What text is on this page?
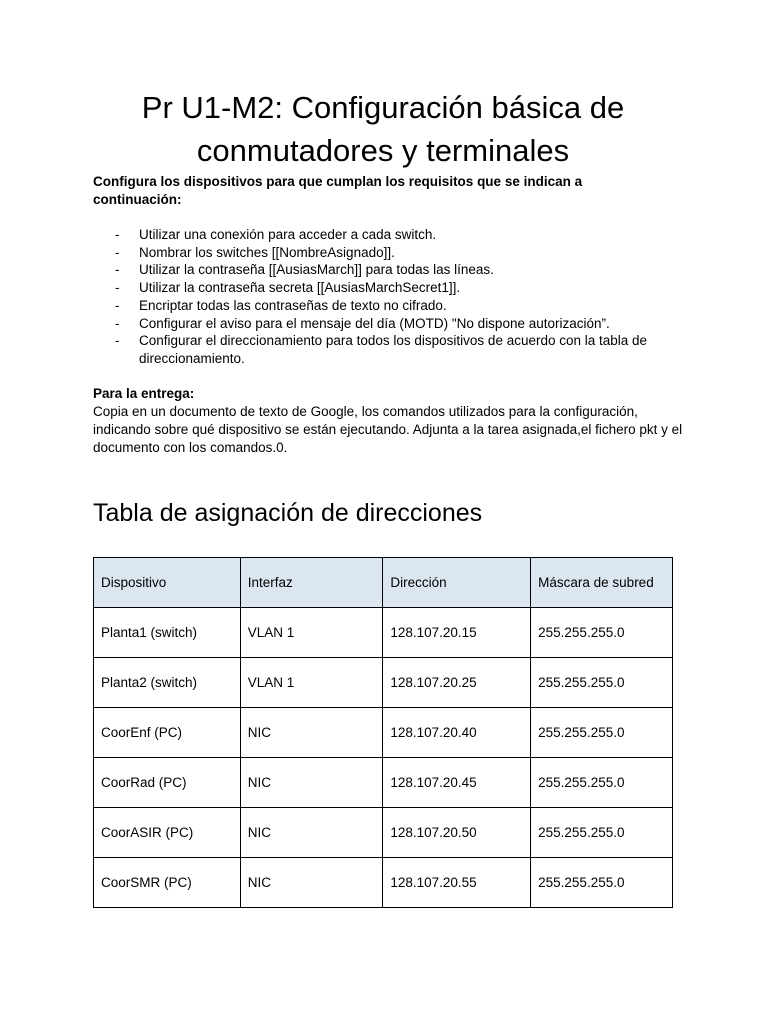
Pr U1-M2: Configuración básica de
conmutadores y terminales

Configura los dispositivos para que cumplan los requisitos que se indican a
continuación:

- Utilizar una conexión para acceder a cada switch.
- Nombrar los switches [[NombreAsignado]].
- Utilizar la contraseña [[AusiasMarch]] para todas las líneas.
- Utilizar la contraseña secreta [[AusiasMarchSecret1]].
- Encriptar todas las contraseñas de texto no cifrado.
- Configurar el aviso para el mensaje del día (MOTD) "No dispone autorización”.
- Configurar el direccionamiento para todos los dispositivos de acuerdo con la tabla de direccionamiento.

Para la entrega:

Copia en un documento de texto de Google, los comandos utilizados para la configuración, indicando sobre qué dispositivo se están ejecutando. Adjunta a la tarea asignada,el fichero pkt y el documento con los comandos.0.

Tabla de asignación de direcciones
Dispositivo	Interfaz	Dirección	Máscara de subred
Planta1 (switch)	VLAN 1	128.107.20.15	255.255.255.0
Planta2 (switch)	VLAN 1	128.107.20.25	255.255.255.0
CoorEnf (PC)	NIC	128.107.20.40	255.255.255.0
CoorRad (PC)	NIC	128.107.20.45	255.255.255.0
CoorASIR (PC)	NIC	128.107.20.50	255.255.255.0
CoorSMR (PC)	NIC	128.107.20.55	255.255.255.0
